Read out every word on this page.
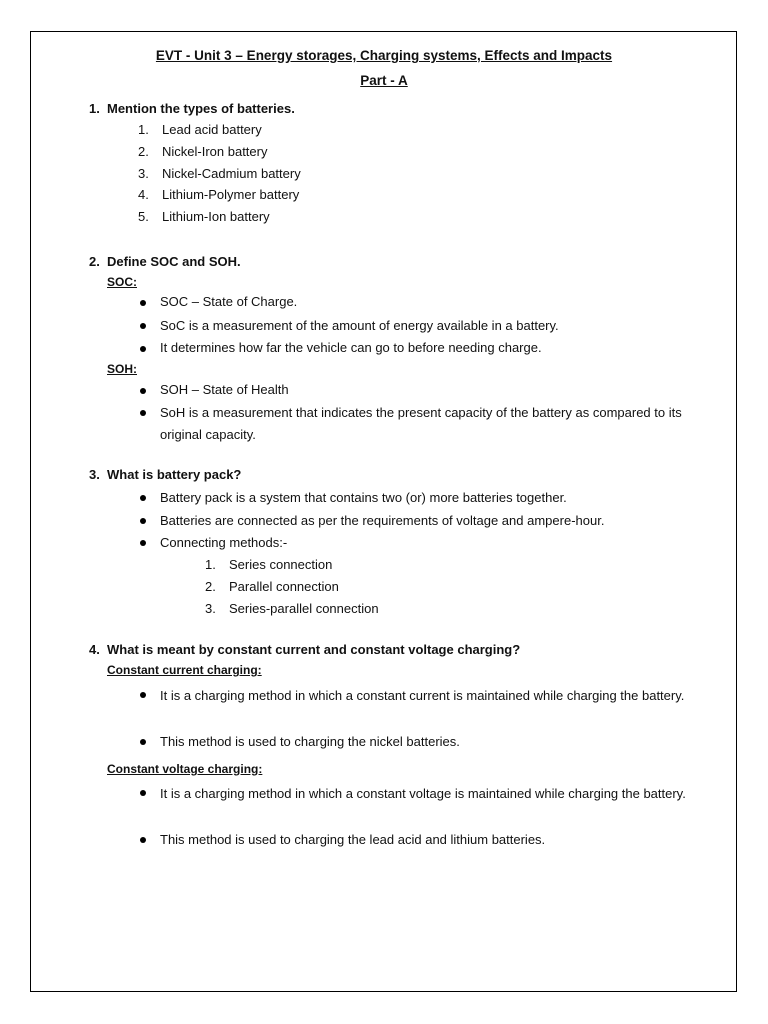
EVT - Unit 3 – Energy storages, Charging systems, Effects and Impacts
Part - A
1. Mention the types of batteries.
1. Lead acid battery
2. Nickel-Iron battery
3. Nickel-Cadmium battery
4. Lithium-Polymer battery
5. Lithium-Ion battery
2. Define SOC and SOH.
SOC:
SOC – State of Charge.
SoC is a measurement of the amount of energy available in a battery.
It determines how far the vehicle can go to before needing charge.
SOH:
SOH – State of Health
SoH is a measurement that indicates the present capacity of the battery as compared to its original capacity.
3. What is battery pack?
Battery pack is a system that contains two (or) more batteries together.
Batteries are connected as per the requirements of voltage and ampere-hour.
Connecting methods:-
1. Series connection
2. Parallel connection
3. Series-parallel connection
4. What is meant by constant current and constant voltage charging?
Constant current charging:
It is a charging method in which a constant current is maintained while charging the battery.
This method is used to charging the nickel batteries.
Constant voltage charging:
It is a charging method in which a constant voltage is maintained while charging the battery.
This method is used to charging the lead acid and lithium batteries.
